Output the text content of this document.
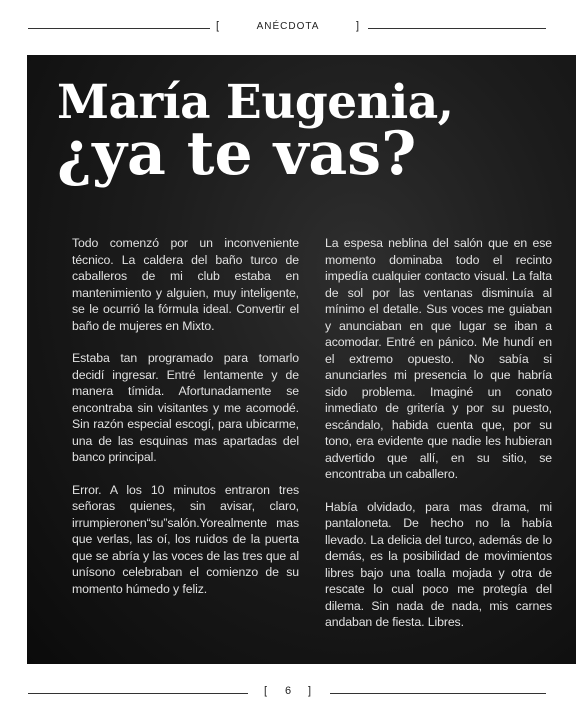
[	ANÉCDOTA	]
María Eugenia,
¿ya te vas?

Todo comenzó por un inconveniente técnico. La caldera del baño turco de caballeros de mi club estaba en mantenimiento y alguien, muy inteligente, se le ocurrió la fórmula ideal. Convertir el baño de mujeres en Mixto.

Estaba tan programado para tomarlo decidí ingresar. Entré lentamente y de manera tímida. Afortunadamente se encontraba sin visitantes y me acomodé. Sin razón especial escogí, para ubicarme, una de las esquinas mas apartadas del banco principal.

Error. A los 10 minutos entraron tres señoras quienes, sin avisar, claro, irrumpieronen“su”salón.Yorealmente mas que verlas, las oí, los ruidos de la puerta que se abría y las voces de las tres que al unísono celebraban el comienzo de su momento húmedo y feliz.

La espesa neblina del salón que en ese momento dominaba todo el recinto impedía cualquier contacto visual. La falta de sol por las ventanas disminuía al mínimo el detalle. Sus voces me guiaban y anunciaban en que lugar se iban a acomodar. Entré en pánico. Me hundí en el extremo opuesto. No sabía si anunciarles mi presencia lo que habría sido problema. Imaginé un conato inmediato de gritería y por su puesto, escándalo, habida cuenta que, por su tono, era evidente que nadie les hubieran advertido que allí, en su sitio, se encontraba un caballero.

Había olvidado, para mas drama, mi pantaloneta. De hecho no la había llevado. La delicia del turco, además de lo demás, es la posibilidad de movimientos libres bajo una toalla mojada y otra de rescate lo cual poco me protegía del dilema. Sin nada de nada, mis carnes andaban de fiesta. Libres.

[	6	]
